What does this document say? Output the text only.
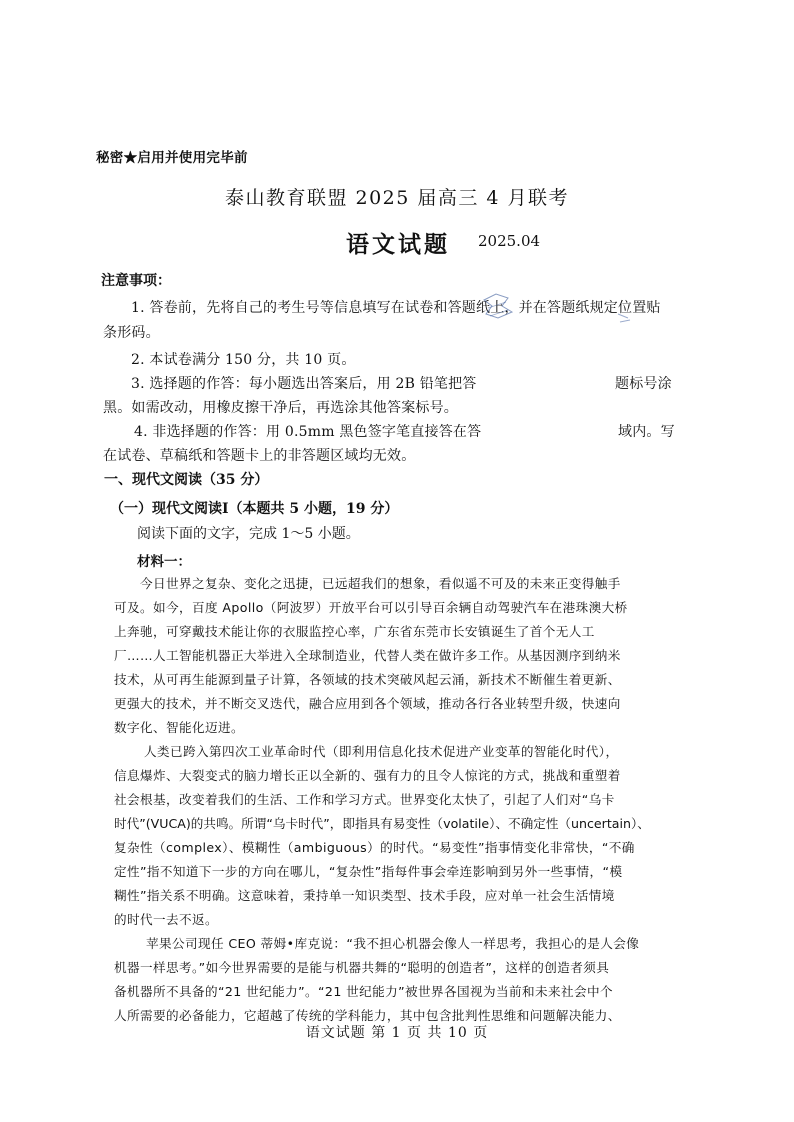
秘密★启用并使用完毕前
泰山教育联盟 2025 届高三 4 月联考
语文试题 2025.04
注意事项：
1. 答卷前，先将自己的考生号等信息填写在试卷和答题纸上，并在答题纸规定位置贴
条形码。
2. 本试卷满分 150 分，共 10 页。
3. 选择题的作答：每小题选出答案后，用 2B 铅笔把答	题标号涂
黑。如需改动，用橡皮擦干净后，再选涂其他答案标号。
4. 非选择题的作答：用 0.5mm 黑色签字笔直接答在答	域内。写
在试卷、草稿纸和答题卡上的非答题区域均无效。
一、现代文阅读（35 分）
（一）现代文阅读Ⅰ（本题共 5 小题，19 分）
阅读下面的文字，完成 1～5 小题。
材料一：
今日世界之复杂、变化之迅捷，已远超我们的想象，看似遥不可及的未来正变得触手
可及。如今，百度 Apollo（阿波罗）开放平台可以引导百余辆自动驾驶汽车在港珠澳大桥
上奔驰，可穿戴技术能让你的衣服监控心率，广东省东莞市长安镇诞生了首个无人工
厂……人工智能机器正大举进入全球制造业，代替人类在做许多工作。从基因测序到纳米
技术，从可再生能源到量子计算，各领域的技术突破风起云涌，新技术不断催生着更新、
更强大的技术，并不断交叉迭代，融合应用到各个领域，推动各行各业转型升级，快速向
数字化、智能化迈进。
人类已跨入第四次工业革命时代（即利用信息化技术促进产业变革的智能化时代），
信息爆炸、大裂变式的脑力增长正以全新的、强有力的且令人惊诧的方式，挑战和重塑着
社会根基，改变着我们的生活、工作和学习方式。世界变化太快了，引起了人们对“乌卡
时代”(VUCA)的共鸣。所谓“乌卡时代”，即指具有易变性（volatile）、不确定性（uncertain）、
复杂性（complex）、模糊性（ambiguous）的时代。“易变性”指事情变化非常快，“不确
定性”指不知道下一步的方向在哪儿，“复杂性”指每件事会牵连影响到另外一些事情，“模
糊性”指关系不明确。这意味着，秉持单一知识类型、技术手段，应对单一社会生活情境
的时代一去不返。
苹果公司现任 CEO 蒂姆•库克说：“我不担心机器会像人一样思考，我担心的是人会像
机器一样思考。”如今世界需要的是能与机器共舞的“聪明的创造者”，这样的创造者须具
备机器所不具备的“21 世纪能力”。“21 世纪能力”被世界各国视为当前和未来社会中个
人所需要的必备能力，它超越了传统的学科能力，其中包含批判性思维和问题解决能力、
语文试题 第 1 页 共 10 页
